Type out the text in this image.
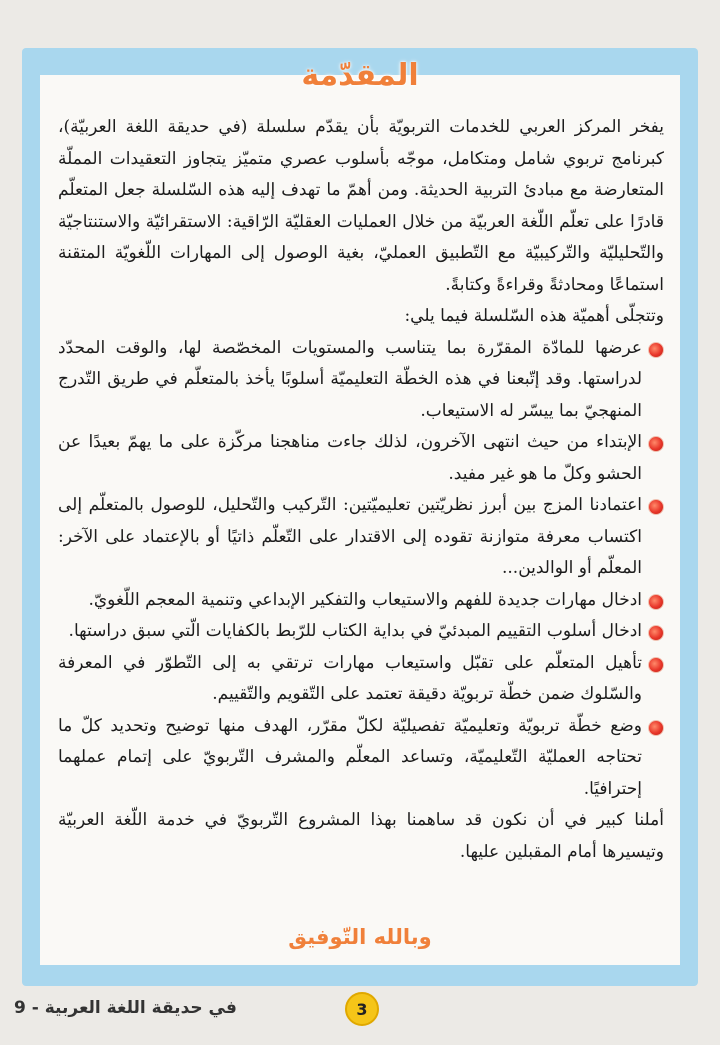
المقدّمة

يفخر المركز العربي للخدمات التربويّة بأن يقدّم سلسلة (في حديقة اللغة العربيّة)، كبرنامج تربوي شامل ومتكامل، موجّه بأسلوب عصري متميّز يتجاوز التعقيدات المملّة المتعارضة مع مبادئ التربية الحديثة. ومن أهمّ ما تهدف إليه هذه السّلسلة جعل المتعلّم قادرًا على تعلّم اللّغة العربيّة من خلال العمليات العقليّة الرّاقية: الاستقرائيّة والاستنتاجيّة والتّحليليّة والتّركيبيّة مع التّطبيق العمليّ، بغية الوصول إلى المهارات اللّغويّة المتقنة استماعًا ومحادثةً وقراءةً وكتابةً.

وتتجلّى أهميّة هذه السّلسلة فيما يلي:

عرضها للمادّة المقرّرة بما يتناسب والمستويات المخصّصة لها، والوقت المحدّد لدراستها. وقد إتّبعنا في هذه الخطّة التعليميّة أسلوبًا يأخذ بالمتعلّم في طريق التّدرج المنهجيّ بما ييسّر له الاستيعاب.
الإبتداء من حيث انتهى الآخرون، لذلك جاءت مناهجنا مركّزة على ما يهمّ بعيدًا عن الحشو وكلّ ما هو غير مفيد.
اعتمادنا المزج بين أبرز نظريّتين تعليميّتين: التّركيب والتّحليل، للوصول بالمتعلّم إلى اكتساب معرفة متوازنة تقوده إلى الاقتدار على التّعلّم ذاتيًا أو بالإعتماد على الآخر: المعلّم أو الوالدين...
ادخال مهارات جديدة للفهم والاستيعاب والتفكير الإبداعي وتنمية المعجم اللّغويّ.
ادخال أسلوب التقييم المبدئيّ في بداية الكتاب للرّبط بالكفايات الّتي سبق دراستها.
تأهيل المتعلّم على تقبّل واستيعاب مهارات ترتقي به إلى التّطوّر في المعرفة والسّلوك ضمن خطّة تربويّة دقيقة تعتمد على التّقويم والتّقييم.
وضع خطّة تربويّة وتعليميّة تفصيليّة لكلّ مقرّر، الهدف منها توضيح وتحديد كلّ ما تحتاجه العمليّة التّعليميّة، وتساعد المعلّم والمشرف التّربويّ على إتمام عملهما إحترافيًا.

أملنا كبير في أن نكون قد ساهمنا بهذا المشروع التّربويّ في خدمة اللّغة العربيّة وتيسيرها أمام المقبلين عليها.

وبالله التّوفيق

3
في حديقة اللغة العربية - 9
